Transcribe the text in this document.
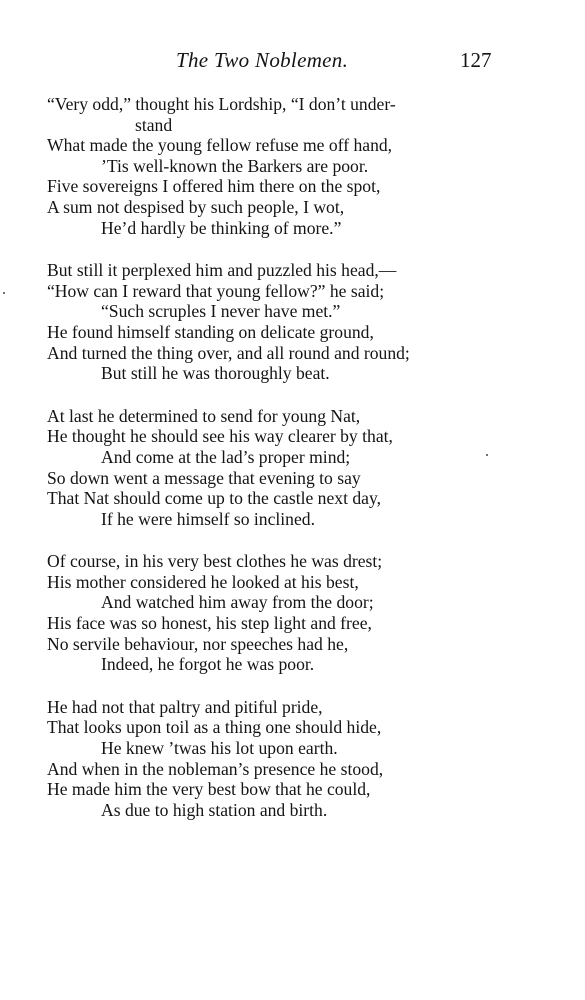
The Two Noblemen.	127
“Very odd,” thought his Lordship, “I don’t under-
stand
What made the young fellow refuse me off hand,
’Tis well-known the Barkers are poor.
Five sovereigns I offered him there on the spot,
A sum not despised by such people, I wot,
He’d hardly be thinking of more.”
But still it perplexed him and puzzled his head,—
“How can I reward that young fellow?” he said;
“Such scruples I never have met.”
He found himself standing on delicate ground,
And turned the thing over, and all round and round;
But still he was thoroughly beat.
At last he determined to send for young Nat,
He thought he should see his way clearer by that,
And come at the lad’s proper mind;
So down went a message that evening to say
That Nat should come up to the castle next day,
If he were himself so inclined.
Of course, in his very best clothes he was drest;
His mother considered he looked at his best,
And watched him away from the door;
His face was so honest, his step light and free,
No servile behaviour, nor speeches had he,
Indeed, he forgot he was poor.
He had not that paltry and pitiful pride,
That looks upon toil as a thing one should hide,
He knew ’twas his lot upon earth.
And when in the nobleman’s presence he stood,
He made him the very best bow that he could,
As due to high station and birth.
